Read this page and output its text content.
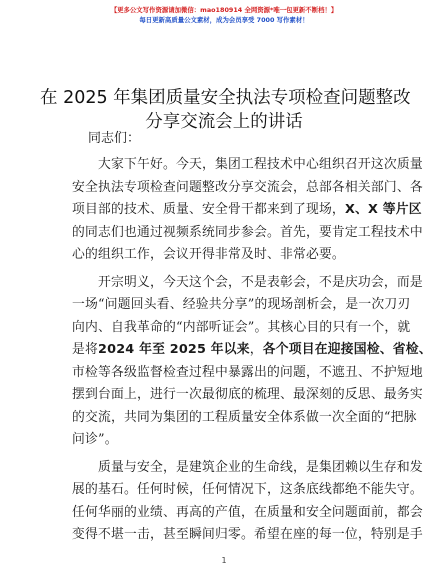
【更多公文写作资源请加微信：mao180914 全网资源*唯一包更新不断档！】
每日更新高质量公文素材，成为会员享受 7000 写作素材！
在 2025 年集团质量安全执法专项检查问题整改
分享交流会上的讲话
同志们：
大家下午好。今天，集团工程技术中心组织召开这次质量
安全执法专项检查问题整改分享交流会，总部各相关部门、各
项目部的技术、质量、安全骨干都来到了现场，X、X 等片区
的同志们也通过视频系统同步参会。首先，要肯定工程技术中
心的组织工作，会议开得非常及时、非常必要。
开宗明义，今天这个会，不是表彰会，不是庆功会，而是
一场“问题回头看、经验共分享”的现场剖析会，是一次刀刃
向内、自我革命的“内部听证会”。其核心目的只有一个，就
是将2024 年至 2025 年以来，各个项目在迎接国检、省检、
市检等各级监督检查过程中暴露出的问题，不遮丑、不护短地
摆到台面上，进行一次最彻底的梳理、最深刻的反思、最务实
的交流，共同为集团的工程质量安全体系做一次全面的“把脉
问诊”。
质量与安全，是建筑企业的生命线，是集团赖以生存和发
展的基石。任何时候，任何情况下，这条底线都绝不能失守。
任何华丽的业绩、再高的产值，在质量和安全问题面前，都会
变得不堪一击，甚至瞬间归零。希望在座的每一位，特别是手
1
